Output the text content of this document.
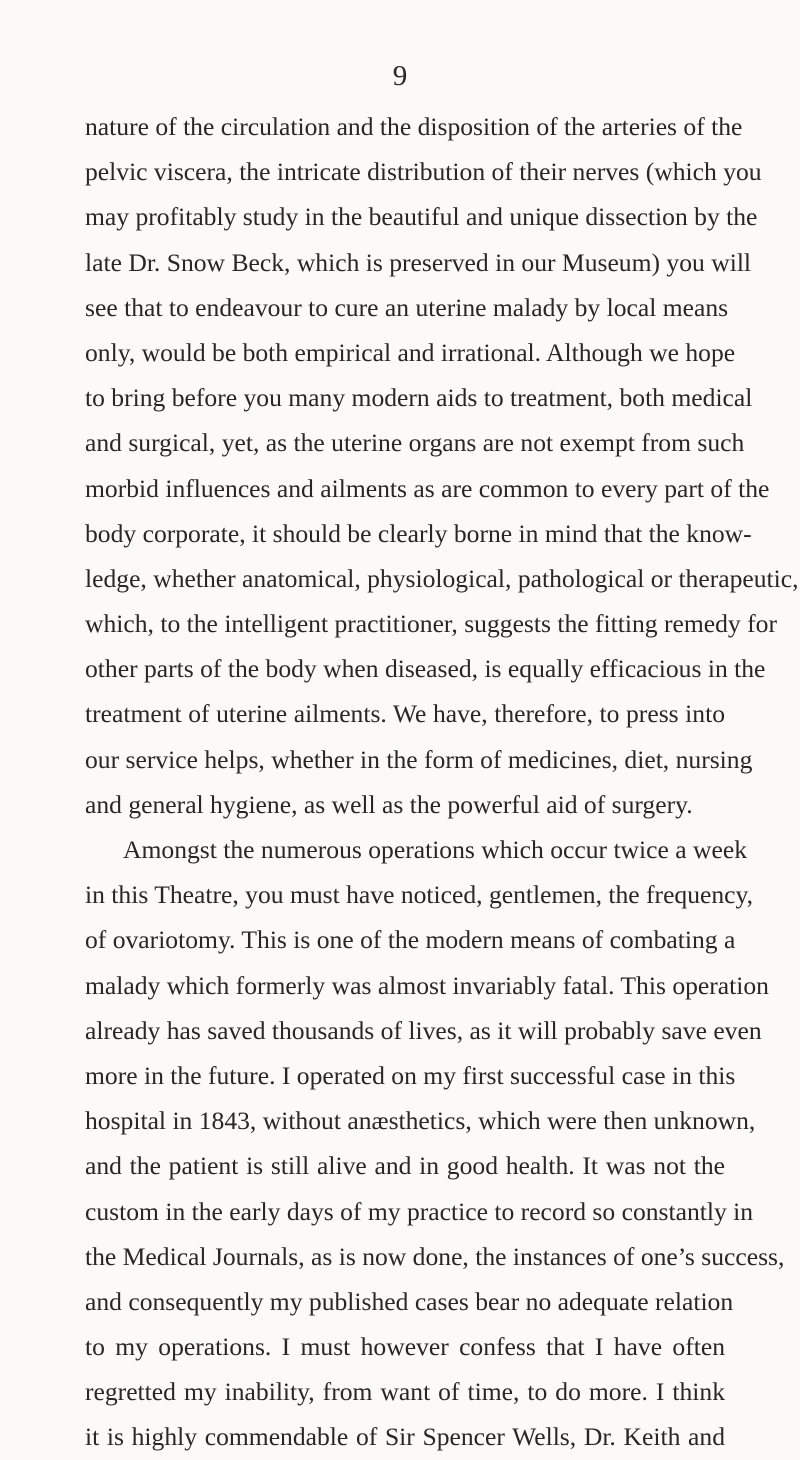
9
nature of the circulation and the disposition of the arteries of the
pelvic viscera, the intricate distribution of their nerves (which you
may profitably study in the beautiful and unique dissection by the
late Dr. Snow Beck, which is preserved in our Museum) you will
see that to endeavour to cure an uterine malady by local means
only, would be both empirical and irrational. Although we hope
to bring before you many modern aids to treatment, both medical
and surgical, yet, as the uterine organs are not exempt from such
morbid influences and ailments as are common to every part of the
body corporate, it should be clearly borne in mind that the know-
ledge, whether anatomical, physiological, pathological or therapeutic,
which, to the intelligent practitioner, suggests the fitting remedy for
other parts of the body when diseased, is equally efficacious in the
treatment of uterine ailments. We have, therefore, to press into
our service helps, whether in the form of medicines, diet, nursing
and general hygiene, as well as the powerful aid of surgery.
Amongst the numerous operations which occur twice a week
in this Theatre, you must have noticed, gentlemen, the frequency,
of ovariotomy. This is one of the modern means of combating a
malady which formerly was almost invariably fatal. This operation
already has saved thousands of lives, as it will probably save even
more in the future. I operated on my first successful case in this
hospital in 1843, without anæsthetics, which were then unknown,
and the patient is still alive and in good health. It was not the
custom in the early days of my practice to record so constantly in
the Medical Journals, as is now done, the instances of one’s success,
and consequently my published cases bear no adequate relation
to my operations. I must however confess that I have often
regretted my inability, from want of time, to do more. I think
it is highly commendable of Sir Spencer Wells, Dr. Keith and
